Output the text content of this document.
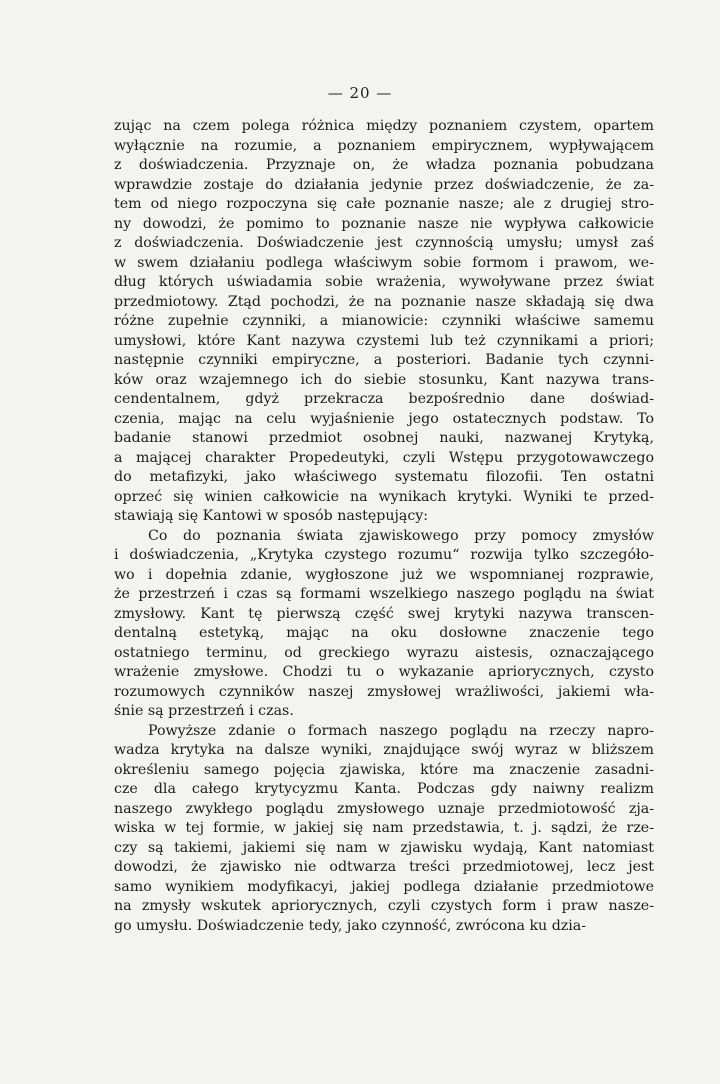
— 20 —
zując na czem polega różnica między poznaniem czystem, opartem
wyłącznie na rozumie, a poznaniem empirycznem, wypływającem
z doświadczenia. Przyznaje on, że władza poznania pobudzana
wprawdzie zostaje do działania jedynie przez doświadczenie, że za-
tem od niego rozpoczyna się całe poznanie nasze; ale z drugiej stro-
ny dowodzi, że pomimo to poznanie nasze nie wypływa całkowicie
z doświadczenia. Doświadczenie jest czynnością umysłu; umysł zaś
w swem działaniu podlega właściwym sobie formom i prawom, we-
dług których uświadamia sobie wrażenia, wywoływane przez świat
przedmiotowy. Ztąd pochodzi, że na poznanie nasze składają się dwa
różne zupełnie czynniki, a mianowicie: czynniki właściwe samemu
umysłowi, które Kant nazywa czystemi lub też czynnikami a priori;
następnie czynniki empiryczne, a posteriori. Badanie tych czynni-
ków oraz wzajemnego ich do siebie stosunku, Kant nazywa trans-
cendentalnem, gdyż przekracza bezpośrednio dane doświad-
czenia, mając na celu wyjaśnienie jego ostatecznych podstaw. To
badanie stanowi przedmiot osobnej nauki, nazwanej Krytyką,
a mającej charakter Propedeutyki, czyli Wstępu przygotowawczego
do metafizyki, jako właściwego systematu filozofii. Ten ostatni
oprzeć się winien całkowicie na wynikach krytyki. Wyniki te przed-
stawiają się Kantowi w sposób następujący:
Co do poznania świata zjawiskowego przy pomocy zmysłów
i doświadczenia, „Krytyka czystego rozumu“ rozwija tylko szczegóło-
wo i dopełnia zdanie, wygłoszone już we wspomnianej rozprawie,
że przestrzeń i czas są formami wszelkiego naszego poglądu na świat
zmysłowy. Kant tę pierwszą część swej krytyki nazywa transcen-
dentalną estetyką, mając na oku dosłowne znaczenie tego
ostatniego terminu, od greckiego wyrazu aistesis, oznaczającego
wrażenie zmysłowe. Chodzi tu o wykazanie apriorycznych, czysto
rozumowych czynników naszej zmysłowej wrażliwości, jakiemi wła-
śnie są przestrzeń i czas.
Powyższe zdanie o formach naszego poglądu na rzeczy napro-
wadza krytyka na dalsze wyniki, znajdujące swój wyraz w bliższem
określeniu samego pojęcia zjawiska, które ma znaczenie zasadni-
cze dla całego krytycyzmu Kanta. Podczas gdy naiwny realizm
naszego zwykłego poglądu zmysłowego uznaje przedmiotowość zja-
wiska w tej formie, w jakiej się nam przedstawia, t. j. sądzi, że rze-
czy są takiemi, jakiemi się nam w zjawisku wydają, Kant natomiast
dowodzi, że zjawisko nie odtwarza treści przedmiotowej, lecz jest
samo wynikiem modyfikacyi, jakiej podlega działanie przedmiotowe
na zmysły wskutek apriorycznych, czyli czystych form i praw nasze-
go umysłu. Doświadczenie tedy, jako czynność, zwrócona ku dzia-
